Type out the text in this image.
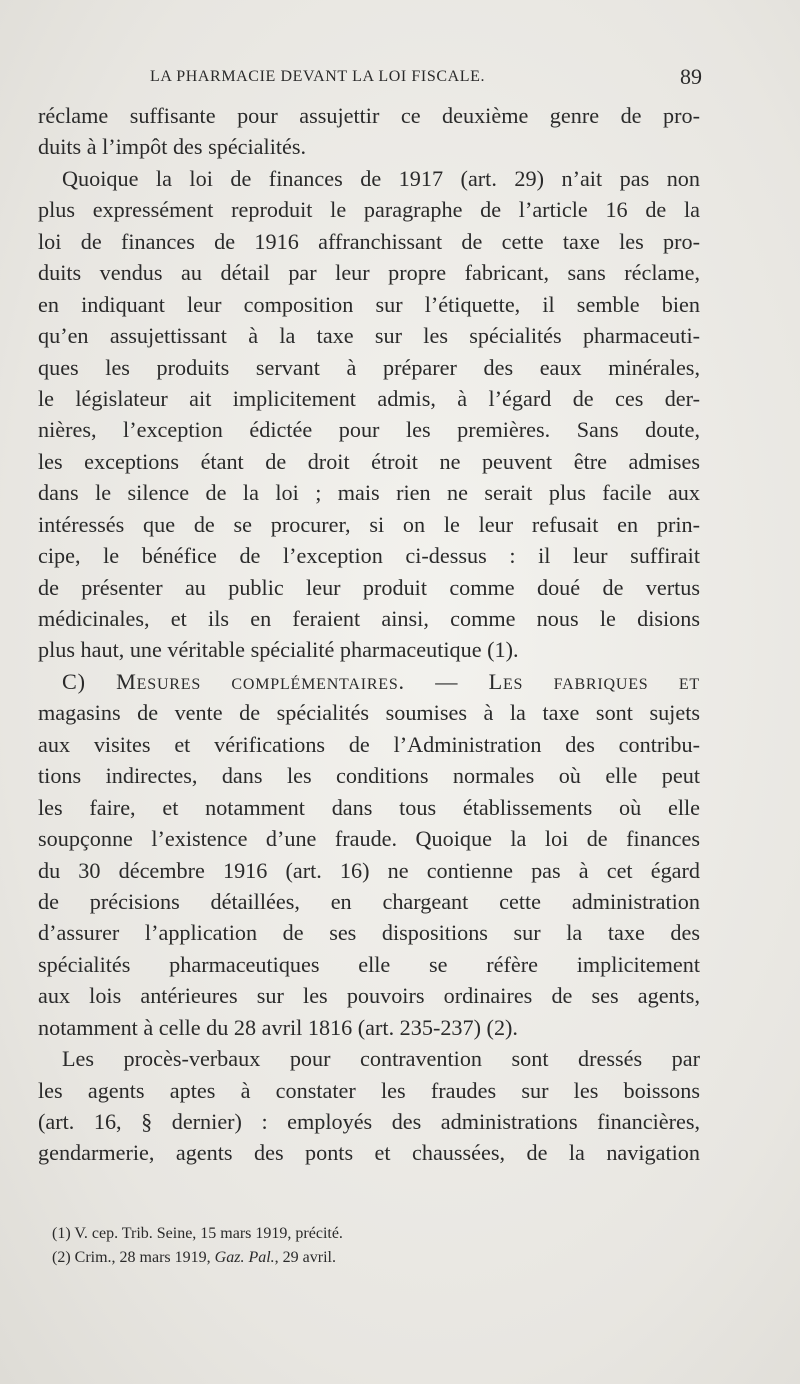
LA PHARMACIE DEVANT LA LOI FISCALE.	89
réclame suffisante pour assujettir ce deuxième genre de pro-
duits à l’impôt des spécialités.
Quoique la loi de finances de 1917 (art. 29) n’ait pas non
plus expressément reproduit le paragraphe de l’article 16 de la
loi de finances de 1916 affranchissant de cette taxe les pro-
duits vendus au détail par leur propre fabricant, sans réclame,
en indiquant leur composition sur l’étiquette, il semble bien
qu’en assujettissant à la taxe sur les spécialités pharmaceuti-
ques les produits servant à préparer des eaux minérales,
le législateur ait implicitement admis, à l’égard de ces der-
nières, l’exception édictée pour les premières. Sans doute,
les exceptions étant de droit étroit ne peuvent être admises
dans le silence de la loi ; mais rien ne serait plus facile aux
intéressés que de se procurer, si on le leur refusait en prin-
cipe, le bénéfice de l’exception ci-dessus : il leur suffirait
de présenter au public leur produit comme doué de vertus
médicinales, et ils en feraient ainsi, comme nous le disions
plus haut, une véritable spécialité pharmaceutique (1).
C) Mesures complémentaires. — Les fabriques et
magasins de vente de spécialités soumises à la taxe sont sujets
aux visites et vérifications de l’Administration des contribu-
tions indirectes, dans les conditions normales où elle peut
les faire, et notamment dans tous établissements où elle
soupçonne l’existence d’une fraude. Quoique la loi de finances
du 30 décembre 1916 (art. 16) ne contienne pas à cet égard
de précisions détaillées, en chargeant cette administration
d’assurer l’application de ses dispositions sur la taxe des
spécialités pharmaceutiques elle se réfère implicitement
aux lois antérieures sur les pouvoirs ordinaires de ses agents,
notamment à celle du 28 avril 1816 (art. 235-237) (2).
Les procès-verbaux pour contravention sont dressés par
les agents aptes à constater les fraudes sur les boissons
(art. 16, § dernier) : employés des administrations financières,
gendarmerie, agents des ponts et chaussées, de la navigation
(1) V. cep. Trib. Seine, 15 mars 1919, précité.
(2) Crim., 28 mars 1919, Gaz. Pal., 29 avril.
